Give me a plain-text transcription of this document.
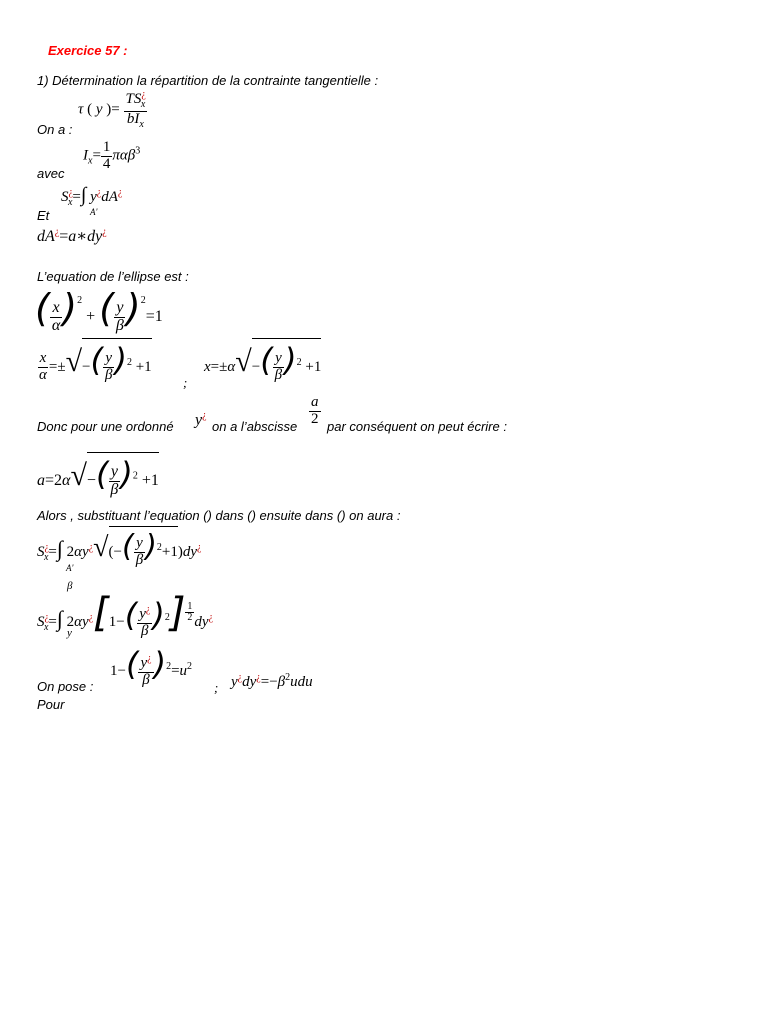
Exercice 57 :
1) Détermination la répartition de la contrainte tangentielle :
τ ( y )= $\frac{TS^¿_x}{bI_x}$
On a :
$I_x= \frac{1}{4} \pi\alpha\beta^3$
avec
$S^¿_x=\int$ y¿dA¿
A'
Et
dA¿=a∗dy¿
L’equation de l’ellipse est :
( $\frac{x}{\alpha} )^2$ + ( $\frac{y}{\beta} )^2=1$
$\frac{x}{\alpha}$ =±√−( $\frac{y}{\beta} )^2 +1$
;
$x=\pm\alpha√-( \frac{y}{\beta} )^2 +1$
Donc pour une ordonné y¿
on a l’abscisse $\frac{a}{2}$ par conséquent on peut écrire :
$a=2\alpha√-( \frac{y}{\beta} )^2 +1$
Alors , substituant l’equation () dans () ensuite dans () on aura :
$S^¿_x=\int$ $2\alpha y^¿√(-( \frac{y}{\beta} )^2+1)dy^¿$
A'
β
$S^¿_x=\int$ $2\alpha y^¿[1-( \frac{y^¿}{\beta} )^2] \frac{1}{2} dy^¿$
y
$1-( \frac{y^¿}{\beta} )^2=u^2$
On pose :	; $y^¿dy^¿=-\beta^2udu$
Pour
